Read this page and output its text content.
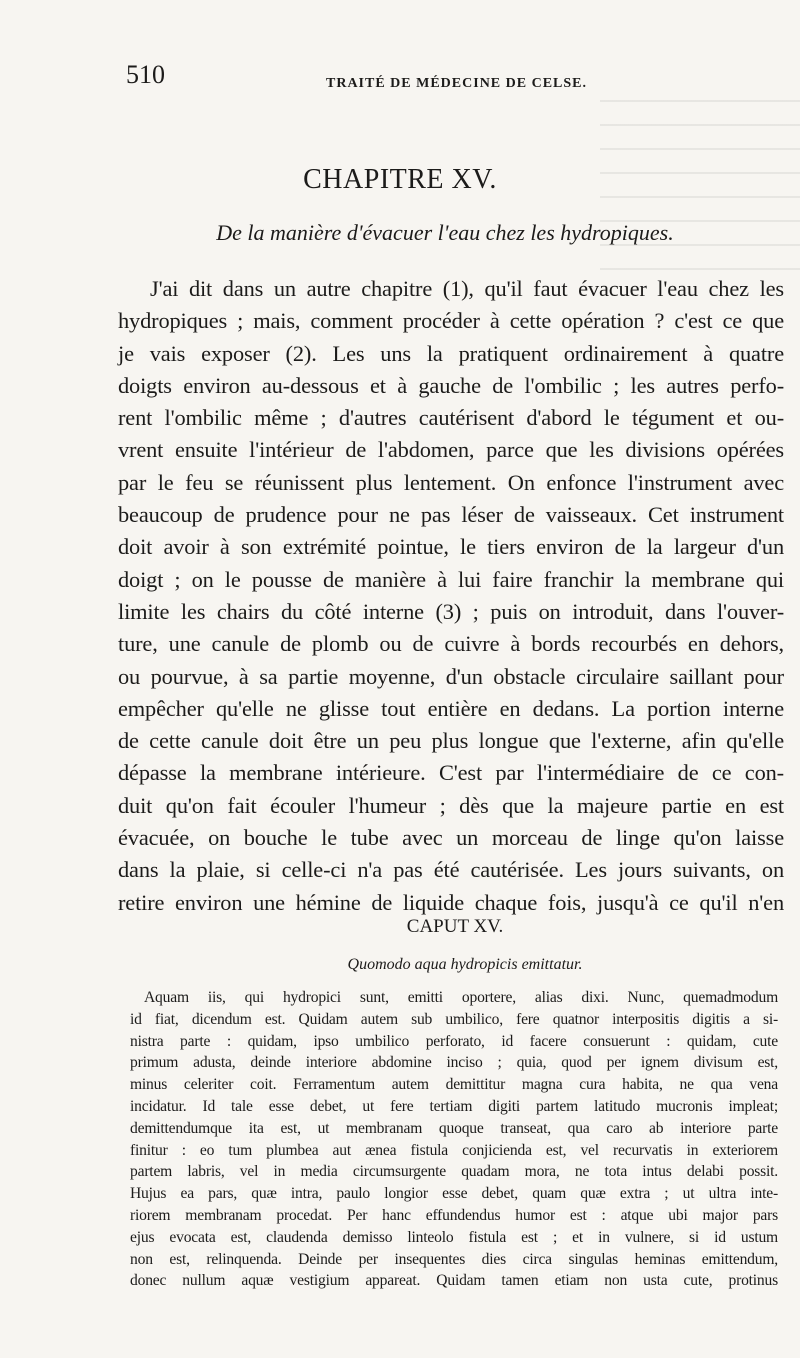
510	TRAITÉ DE MÉDECINE DE CELSE.
CHAPITRE XV.
De la manière d'évacuer l'eau chez les hydropiques.
J'ai dit dans un autre chapitre (1), qu'il faut évacuer l'eau chez les
hydropiques ; mais, comment procéder à cette opération ? c'est ce que
je vais exposer (2). Les uns la pratiquent ordinairement à quatre
doigts environ au-dessous et à gauche de l'ombilic ; les autres perfo-
rent l'ombilic même ; d'autres cautérisent d'abord le tégument et ou-
vrent ensuite l'intérieur de l'abdomen, parce que les divisions opérées
par le feu se réunissent plus lentement. On enfonce l'instrument avec
beaucoup de prudence pour ne pas léser de vaisseaux. Cet instrument
doit avoir à son extrémité pointue, le tiers environ de la largeur d'un
doigt ; on le pousse de manière à lui faire franchir la membrane qui
limite les chairs du côté interne (3) ; puis on introduit, dans l'ouver-
ture, une canule de plomb ou de cuivre à bords recourbés en dehors,
ou pourvue, à sa partie moyenne, d'un obstacle circulaire saillant pour
empêcher qu'elle ne glisse tout entière en dedans. La portion interne
de cette canule doit être un peu plus longue que l'externe, afin qu'elle
dépasse la membrane intérieure. C'est par l'intermédiaire de ce con-
duit qu'on fait écouler l'humeur ; dès que la majeure partie en est
évacuée, on bouche le tube avec un morceau de linge qu'on laisse
dans la plaie, si celle-ci n'a pas été cautérisée. Les jours suivants, on
retire environ une hémine de liquide chaque fois, jusqu'à ce qu'il n'en
CAPUT XV.
Quomodo aqua hydropicis emittatur.
Aquam iis, qui hydropici sunt, emitti oportere, alias dixi. Nunc, quemadmodum
id fiat, dicendum est. Quidam autem sub umbilico, fere quatnor interpositis digitis a si-
nistra parte : quidam, ipso umbilico perforato, id facere consuerunt : quidam, cute
primum adusta, deinde interiore abdomine inciso ; quia, quod per ignem divisum est,
minus celeriter coit. Ferramentum autem demittitur magna cura habita, ne qua vena
incidatur. Id tale esse debet, ut fere tertiam digiti partem latitudo mucronis impleat;
demittendumque ita est, ut membranam quoque transeat, qua caro ab interiore parte
finitur : eo tum plumbea aut ænea fistula conjicienda est, vel recurvatis in exteriorem
partem labris, vel in media circumsurgente quadam mora, ne tota intus delabi possit.
Hujus ea pars, quæ intra, paulo longior esse debet, quam quæ extra ; ut ultra inte-
riorem membranam procedat. Per hanc effundendus humor est : atque ubi major pars
ejus evocata est, claudenda demisso linteolo fistula est ; et in vulnere, si id ustum
non est, relinquenda. Deinde per insequentes dies circa singulas heminas emittendum,
donec nullum aquæ vestigium appareat. Quidam tamen etiam non usta cute, protinus
